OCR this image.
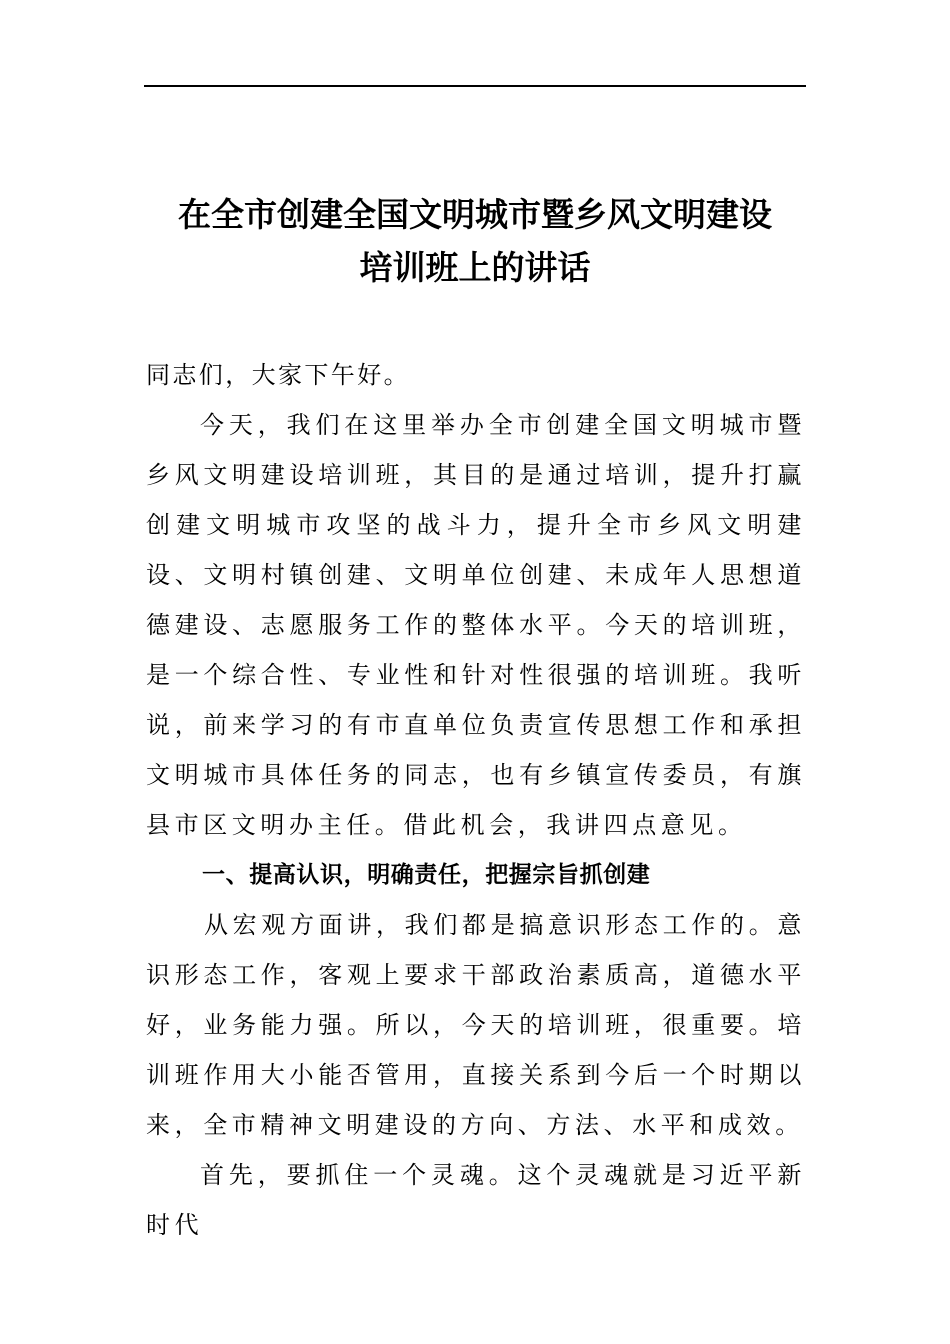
在全市创建全国文明城市暨乡风文明建设
培训班上的讲话

同志们，大家下午好。

今天，我们在这里举办全市创建全国文明城市暨乡风文明建设培训班，其目的是通过培训，提升打赢创建文明城市攻坚的战斗力，提升全市乡风文明建设、文明村镇创建、文明单位创建、未成年人思想道德建设、志愿服务工作的整体水平。今天的培训班，是一个综合性、专业性和针对性很强的培训班。我听说，前来学习的有市直单位负责宣传思想工作和承担文明城市具体任务的同志，也有乡镇宣传委员，有旗县市区文明办主任。借此机会，我讲四点意见。

一、提高认识，明确责任，把握宗旨抓创建

从宏观方面讲，我们都是搞意识形态工作的。意识形态工作，客观上要求干部政治素质高，道德水平好，业务能力强。所以，今天的培训班，很重要。培训班作用大小能否管用，直接关系到今后一个时期以来，全市精神文明建设的方向、方法、水平和成效。

首先，要抓住一个灵魂。这个灵魂就是习近平新时代
